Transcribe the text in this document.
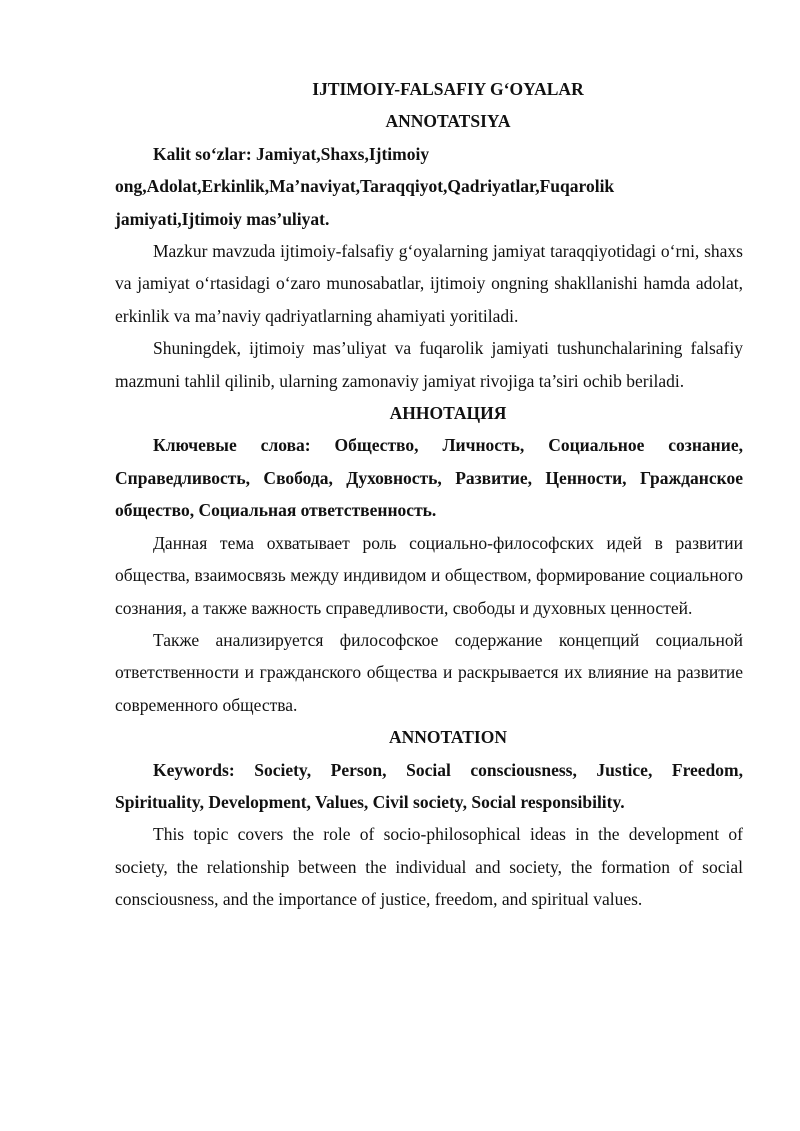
IJTIMOIY-FALSAFIY G‘OYALAR

ANNOTATSIYA

Kalit so‘zlar: Jamiyat,Shaxs,Ijtimoiy

ong,Adolat,Erkinlik,Ma’naviyat,Taraqqiyot,Qadriyatlar,Fuqarolik

jamiyati,Ijtimoiy mas’uliyat.

Mazkur mavzuda ijtimoiy-falsafiy g‘oyalarning jamiyat taraqqiyotidagi o‘rni, shaxs va jamiyat o‘rtasidagi o‘zaro munosabatlar, ijtimoiy ongning shakllanishi hamda adolat, erkinlik va ma’naviy qadriyatlarning ahamiyati yoritiladi.

Shuningdek, ijtimoiy mas’uliyat va fuqarolik jamiyati tushunchalarining falsafiy mazmuni tahlil qilinib, ularning zamonaviy jamiyat rivojiga ta’siri ochib beriladi.

АННОТАЦИЯ

Ключевые слова: Общество, Личность, Социальное сознание, Справедливость, Свобода, Духовность, Развитие, Ценности, Гражданское общество, Социальная ответственность.

Данная тема охватывает роль социально-философских идей в развитии общества, взаимосвязь между индивидом и обществом, формирование социального сознания, а также важность справедливости, свободы и духовных ценностей.

Также анализируется философское содержание концепций социальной ответственности и гражданского общества и раскрывается их влияние на развитие современного общества.

ANNOTATION

Keywords: Society, Person, Social consciousness, Justice, Freedom, Spirituality, Development, Values, Civil society, Social responsibility.

This topic covers the role of socio-philosophical ideas in the development of society, the relationship between the individual and society, the formation of social consciousness, and the importance of justice, freedom, and spiritual values.
